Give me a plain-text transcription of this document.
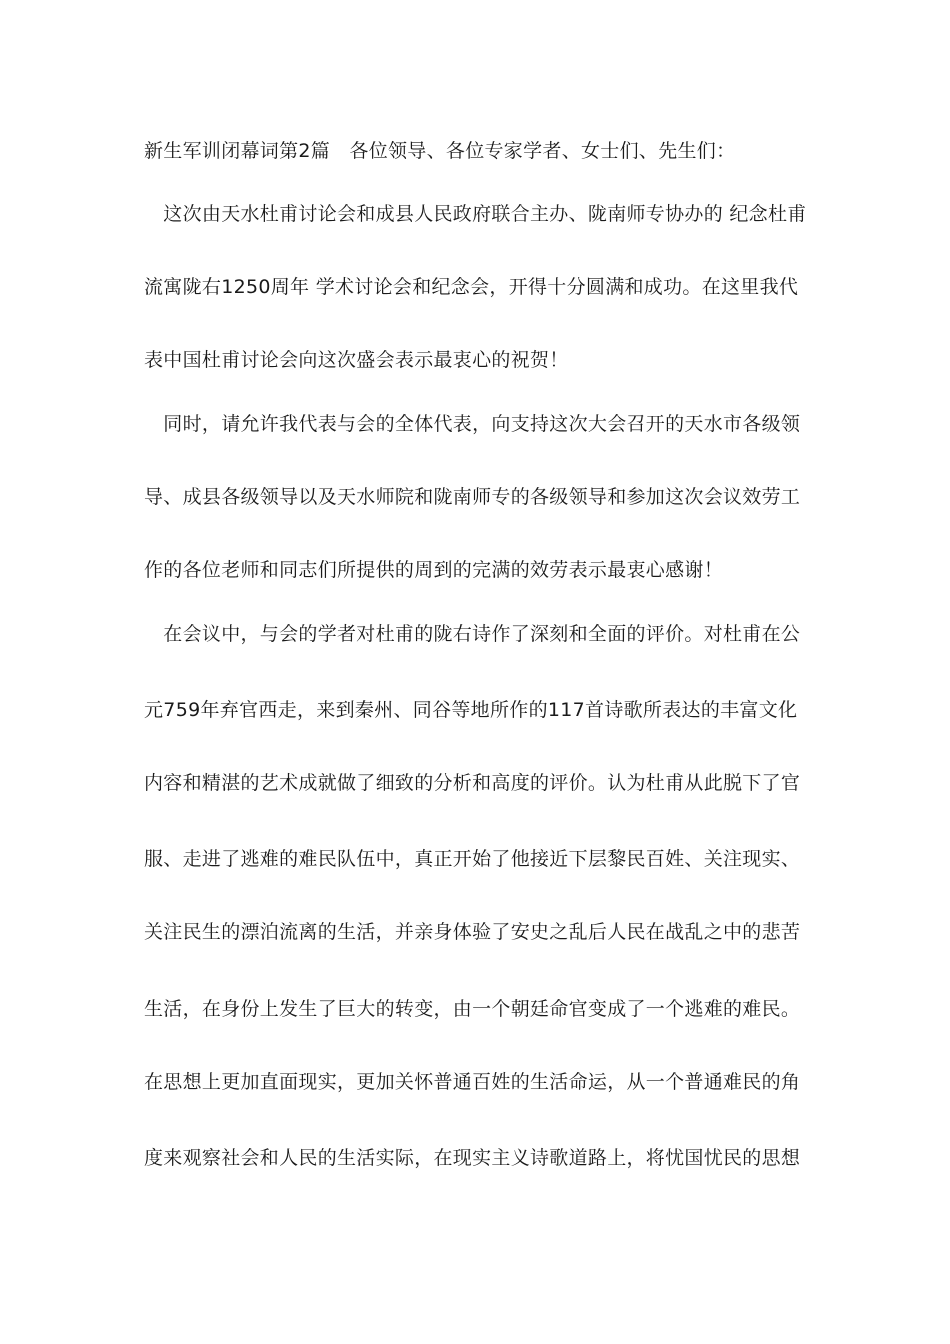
新生军训闭幕词第2篇　各位领导、各位专家学者、女士们、先生们：
　这次由天水杜甫讨论会和成县人民政府联合主办、陇南师专协办的 纪念杜甫
流寓陇右1250周年 学术讨论会和纪念会，开得十分圆满和成功。在这里我代
表中国杜甫讨论会向这次盛会表示最衷心的祝贺！
　同时，请允许我代表与会的全体代表，向支持这次大会召开的天水市各级领
导、成县各级领导以及天水师院和陇南师专的各级领导和参加这次会议效劳工
作的各位老师和同志们所提供的周到的完满的效劳表示最衷心感谢！
　在会议中，与会的学者对杜甫的陇右诗作了深刻和全面的评价。对杜甫在公
元759年弃官西走，来到秦州、同谷等地所作的117首诗歌所表达的丰富文化
内容和精湛的艺术成就做了细致的分析和高度的评价。认为杜甫从此脱下了官
服、走进了逃难的难民队伍中，真正开始了他接近下层黎民百姓、关注现实、
关注民生的漂泊流离的生活，并亲身体验了安史之乱后人民在战乱之中的悲苦
生活，在身份上发生了巨大的转变，由一个朝廷命官变成了一个逃难的难民。
在思想上更加直面现实，更加关怀普通百姓的生活命运，从一个普通难民的角
度来观察社会和人民的生活实际，在现实主义诗歌道路上，将忧国忧民的思想
